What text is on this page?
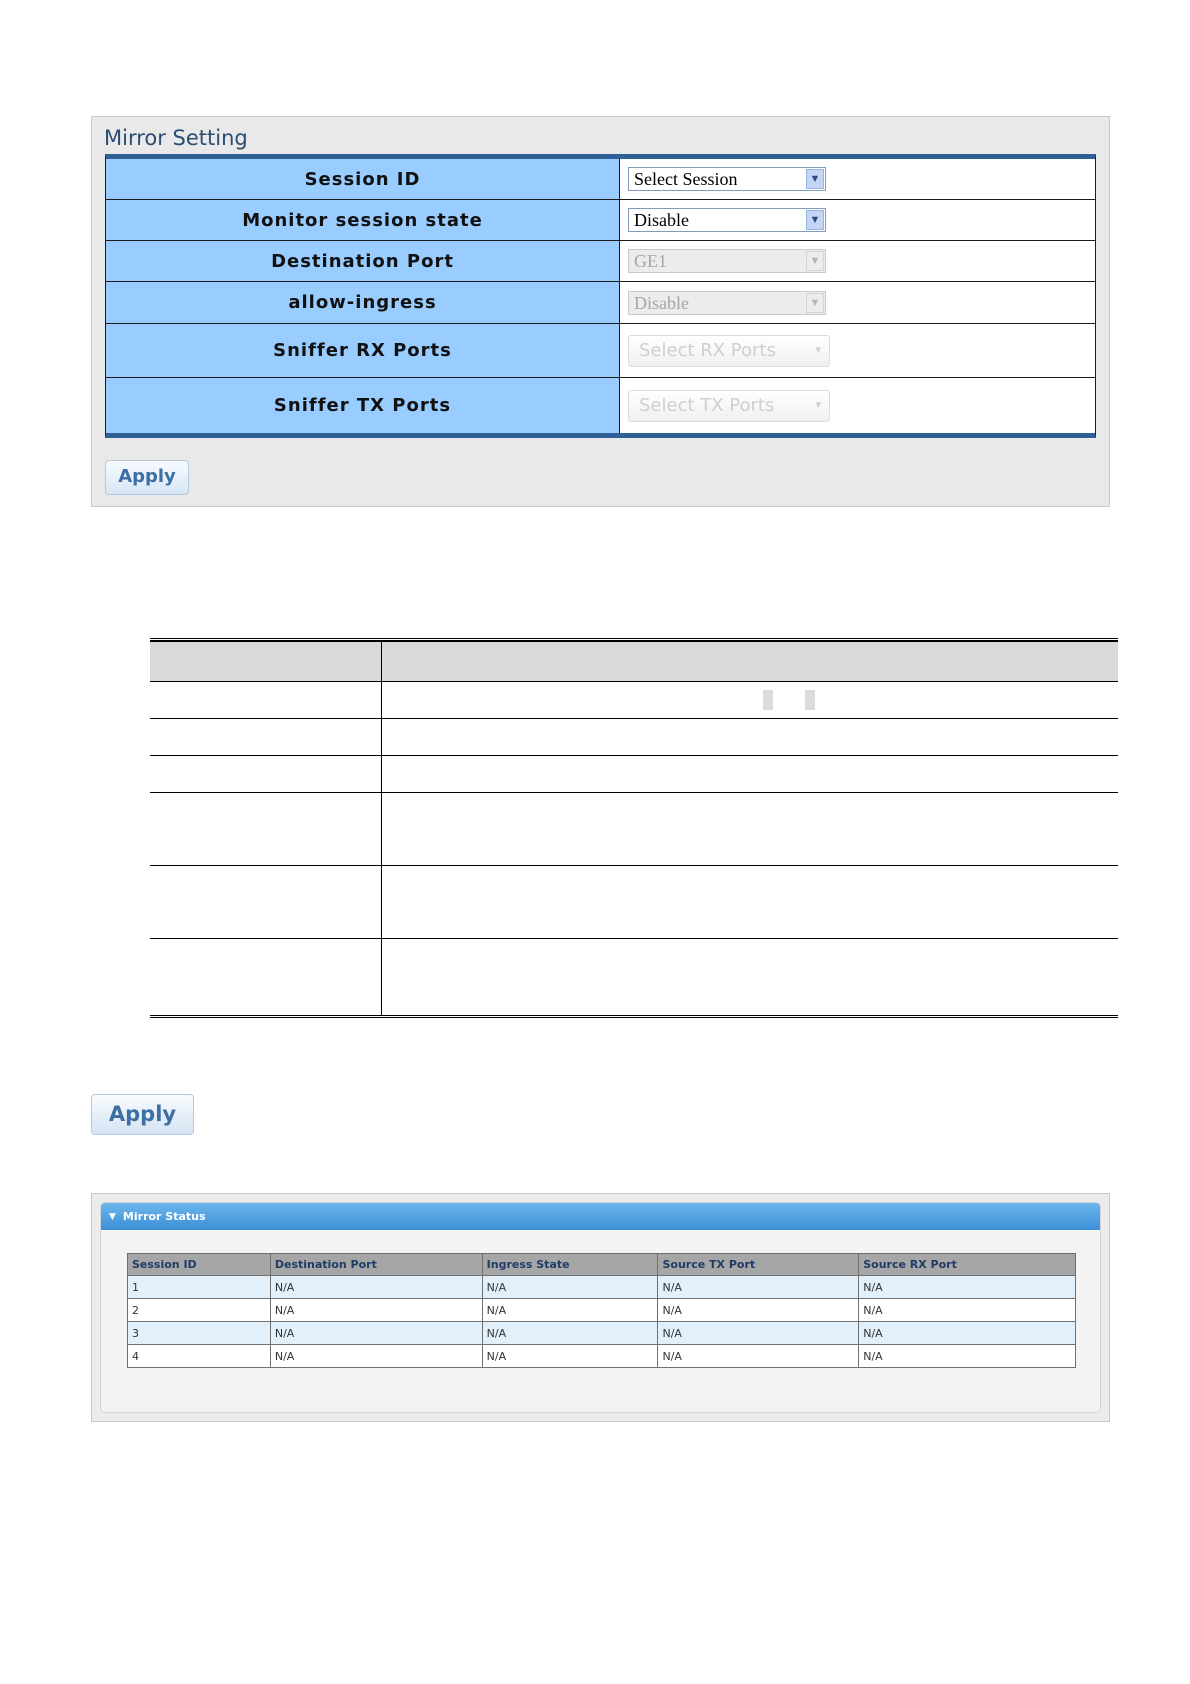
Mirror Setting
Session ID	Select Session	▼
Monitor session state	Disable	▼
Destination Port	GE1	▼
allow-ingress	Disable	▼
Sniffer RX Ports	Select RX Ports	▾
Sniffer TX Ports	Select TX Ports	▾
Apply
Apply
▼ Mirror Status
Session ID	Destination Port	Ingress State	Source TX Port	Source RX Port
1	N/A	N/A	N/A	N/A
2	N/A	N/A	N/A	N/A
3	N/A	N/A	N/A	N/A
4	N/A	N/A	N/A	N/A
